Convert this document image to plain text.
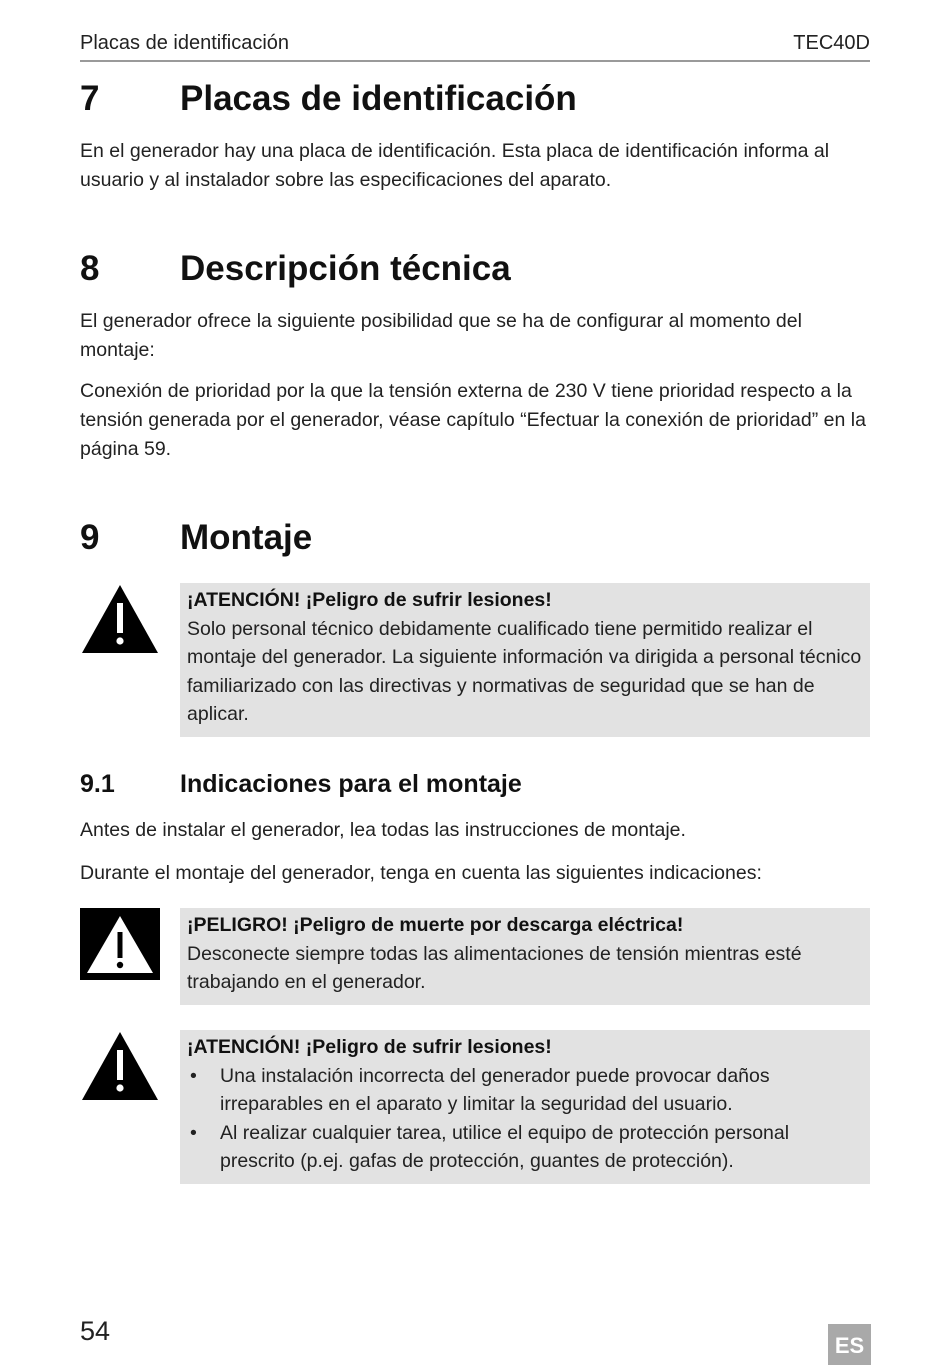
Placas de identificación	TEC40D
7 Placas de identificación

En el generador hay una placa de identificación. Esta placa de identificación informa al usuario y al instalador sobre las especificaciones del aparato.

8 Descripción técnica

El generador ofrece la siguiente posibilidad que se ha de configurar al momento del montaje:

Conexión de prioridad por la que la tensión externa de 230 V tiene prioridad respecto a la tensión generada por el generador, véase capítulo “Efectuar la conexión de prioridad” en la página 59.

9 Montaje
¡ATENCIÓN! ¡Peligro de sufrir lesiones!
Solo personal técnico debidamente cualificado tiene permitido realizar el montaje del generador. La siguiente información va dirigida a personal técnico familiarizado con las directivas y normativas de seguridad que se han de aplicar.
9.1	Indicaciones para el montaje

Antes de instalar el generador, lea todas las instrucciones de montaje.

Durante el montaje del generador, tenga en cuenta las siguientes indicaciones:

¡PELIGRO! ¡Peligro de muerte por descarga eléctrica!
Desconecte siempre todas las alimentaciones de tensión mientras esté trabajando en el generador.
¡ATENCIÓN! ¡Peligro de sufrir lesiones!
• Una instalación incorrecta del generador puede provocar daños irreparables en el aparato y limitar la seguridad del usuario.
• Al realizar cualquier tarea, utilice el equipo de protección personal prescrito (p.ej. gafas de protección, guantes de protección).
54	ES
